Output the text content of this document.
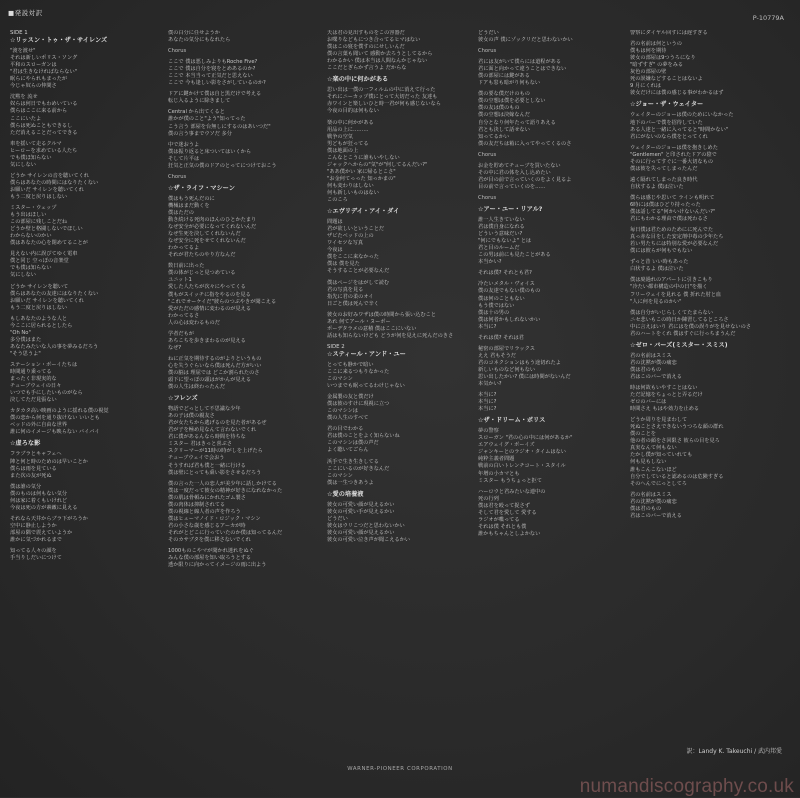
■発説対訳
P-10779A
SIDE 1
☆リッスン・トゥ・ザ・サイレンズ
"渡を渡せ"
それは新しいポリス・ソング
平和のスローガンは
"君は生きなければならない"
眠らにやられもまったが
今じゃ奴らの仲間さ
沈黙を 流せ
奴らは何日でもわめいている
僕らはここに来る前から
ここにいたよ
僕らは死ぬこともできるし
ただ消えることだってできる
車を揺いて走るクルマ
ヒーローを求めている人たち
でも僕ほ知らない
気にしない
どうか サイレンの音を聴いてくれ
僕らはあなたの時間にはなりたくない
お願いだ サイレンを聴いてくれ
もう二度と戻りはしない
ミスター・ウェップ
もう出はほしい
この部屋に残しことだね
どうか壁と格闘しないでほしい
わからないのかい
僕はあなたの心を閉めてることが
見えない内に誤びてゆく電車
僕と同じ 空っぽの音楽堂
でも僕は知らない
気にしない
どうか サイレンを聴いて
僕らはあなたの友達にはなりたくない
お願いだ サイレンを聴いてくれ
もう二度と戻りはしない
もしあなたのような人と
今ここに居られるとしたら
"Oh No"
多分僕はまた
あなたみたいな人の事を夢みるだろう
"そう思うよ"
ステーション・ボーイたちは
時間通り乗ってる
まったく非現実的な
チューブウェイの日々
いつでも手にしたいものがなら
決してただ見張ない
カタカタ高い映画のように揺れる僕の視覚
僕の恋から何を通り抜けない いいとも
ベッドの外に自由な世界
誰に何のイメージも映らない バイバイ
☆虚ろな影
フラブラとキャフェヘ
陣と何と時のためのは早いことか
僕らは雨を見ている
また次の友が死ぬ
僕は誰の気分
僕のものは何もない気分
何は家に着くもいけれど
今夜は死の方が素敵に見える
それなら天井からブラ下がろうか
空中に静止しようか
部屋の隅で震えていようか
誰かに気づかれるまで
知ってる人々の顔を
手当りしだいにつけて
僕の白分に任せようか
あなたの気分にもなれたら
Chorus
ここで 僕は悪しみよりもRoche Five?
ここで 僕は自分を寝をとめあるのか?
ここで 本当当って正気だと思えない
ここで 今も逢しい影をさがしているのか?
ドアに鍵かけて僕は自と黒だけで考える
転じ入るように除きまして
Central から出てくると
誰かが僕のこと"よう"知ってった
こう言う 部屋を台無しにするのはあいつだ"
僕の言う事までウソだ 多分
中で迷おうよ
僕は振り返ると床ついてはいくから
そして片平は
狂気と正気の僕のドアのとってにつけておこう
Chorus
☆ザ・ライフ・マシーン
僕はもう死んだのに
機械はまだ動くを
僕はただの
動き続ける死肉のほんのひとかたまり
なぜ安全が必要になってくれないんだ
なぜ生死を決してくれないんだ
なぜ安全に死をせてくれないんだ
わかってるよ
それが君たちのやり方なんだ
数日前に出った
僕の体がじっと見つめている
ユニット1
愛した人たちが次々にやってくる
僕もがスイッチに指をやるのを見る
"これでオーケイだ"彼らのつぶやきが聞こえる
愛がただの感情に変わるのが見える
わかってるさ
人の心は変わるものだ
学者だもが
あちこちを歩きまわるのが見える
なぜ?
ねに正気を期待するのがよりというもの
心を失うぐらいなら僕は死んだ方がいい
僕の脳は 理屈では どこか割られたのさ
頭下に望っぽの頭はがかんが見える
僕の人生は終わったんだ
☆フレンズ
物語でどっとして不思議な少年
あの子は僕の親友さ
君が女たちから逃げるのを見た者があるぜ
君が子を極め見なんて言わないでくれ
君に僕があるんなら時間を待ちな
ミスター 君はきっと喜ぶさ
スクリーマーが11時の時がしを上げたら
チューブウェイで会おう
そうすれば君も僕と一緒に行ける
僕は壁にとっても乗い影をさせるだろう
僕の言った一人の恋人が美少年に話しかけてる
僕は一度だって彼女の精神が好きになれなかった
僕の肌は骨頓みにかれたゴム製さ
僕の肉体は抑制されてる
僕の視線と線人者の声を作ろう
僕はヒューマノイド・ロジック・マシン
君の小さな歳を感じるアーカが時
それがとどこに行っていたのか僕は知ってるんだ
そのカサブタを僕に移さないでくれ
1000ものこやマが聞かれ迷れをぬぐ
みんな僕の部屋を知い取ろうとする
透か限りに向かってイメージの雨に出よう
天は君の見出すものをこの容器だ
お喋りなどもにつき合ってるヒマはない
僕はこの寝を僕すのにせしいんだ
僕の言葉も聞いて 感動か去ろうとしてるから
わかるかい 僕は本当は人間なんかじゃない
ここだとぎらかず言うよ だからな
☆楽の中に何かがある
思い出は一僕の一フィルムの中に消えて行った
それにニーカップ僕にとって大切だった 友達も
赤ワインと楽しいひと時一君が何も感じないなら
今夜の目的は何もない
楽の中に何かがある
用品の上に………
戦争の空気
男どもが狂ってる
僕は地面の上
こんなとこうに誰もいやしない
ジャックへからの"気"が"何してるんだい?"
"ああ僕かい 家に帰るとこさ"
"お金何てっった 知っかまの"
何も変わりはしない
何も新しいものはない
このころ
☆エヴリデイ・アイ・ダイ
問題は
君が欲しいということだ
ザビたベッドの上の
ワイセツな写真
今夜は
僕をここに来なかった
僕は 僕を見た
そうすることが必要なんだ
僕はページをはがして読む
君の写真を見る
指先に君の柔のオイ
日ごと僕は死んで辛く
彼女のお好みワザは僕の時間から張い込むこと
あれ 何てアール・ヌーボー
ポーデタラメの意積 僕はここにいない
話はも知らないけども どうが何を見えに死んだのきさ
SIDE 2
☆スティール・アンド・ユー
とっても静かで暗い
ここに来るつもりなかった
このマシン
いつまでも眠ってるわけじゃない
金属製の友と僕だけ
僕は彼のすけに現視に立つ
このマシンは
僕の人生のすべて
君の目でわかる
君は僕のことをよく知らないね
このマシンは僕の声だ
よく聴いてごらん
浜手で生き生きしてる
ここにいるのが好きなんだ
このマシン
僕は一生つきあうよ
☆愛の培養液
彼女の可愛い顔が見えるかい
彼女の可愛い手が見えるかい
どうだい
彼女はウリこつだと思わないかい
彼女の可愛い顔が見えるかい
彼女の可愛い泣き声が聞こえるかい
どうだい
彼女の声 僕にゾックリだと思わないかい
Chorus
君には友がいて僕らには道程がある
君に面と向かって違うことはできない
僕の部屋には鍵がある
ドアも窓も暗がり何もない
僕の要な僕だけのもの
僕の空想は僕を必要としない
僕の友は僕のもの
僕の空想は決嫁なんだ
自分となり何年たって語りあえる
君とも決して話せない
知ってるかい
僕の友だちは箱に入ってやってくるのさ
Chorus
お金を貯めてチューブを買いたない
その中に君の体を入し込めたい
君が目の前で言っていくのをよく見るよ
目の前で言っていくのを……
Chorus
☆アー・ユー・リアル?
誰一人生きていない
君は僕自身になれる
どういう意味だい?
"何にでもないよ" とは
君と目のルームだ
この男は前にも見たことがある
本当かい?
それは僕? それとも君?
冷たいメタル・ヴォイス
僕の友達でもない僕のもの
僕は何のこともない
もう僕ではない
僕は十の男の
僕は何者かもしれないかい
本当に?
それは僕? それは君
秘密の部屋でリラックス
ええ 君もそうだ
君のコネクションはもう途切れたよ
新しいものなど何もない
思い出したかい? 僕には時間がないんだ
本気かい?
本当に?
本当に?
本当に?
☆ザ・ドリーム・ポリス
夢の警察
スローガン "君の心の中には何があるか"
エアウェイグ・ボーイズ
ジャンキーとのラジオ・タイムはない
純粋主義者問題
戦前の白いトレンチコート・スタイル
年増の小カマとも
ミスター もうちょっと拒て
ハーロウと君みたいな連中の
死の行列
僕は君を殴って捉さず
そして君を愛して 愛する
ラジオが喋ってる
それは僕 それとも僕
誰かもちゃんとしよかない
警察にダイヤル回すには遅すぎる
君の名前は何というの
僕もは何を期待
彼女の部屋は9つうろになり
"暗ずすぎ" の夢をみる
灰色の部屋の壁
死の誤嫌などすることはないよ
9 月にくれは
彼女だけには僕の感じる事がわかるはず
☆ジョー・ザ・ウェイター
ウェイターのジョーは僕のためにいなかった
地下のバーで僕を招待していた
ある人達と一緒に入ってると"時間かない"
君にがないのなら僕をとってくれ
ウェイターのジョーは僕を抱きしめた
"Gentlemen" と印されたドアの陰で
そのに行ってすぐに一番大切なもの
僕は彼を失ってしまったんだ
遠く隔れてしまった良き時代
自状するよ 僕は泣いた
僕らは感じや思いて ラインも明れて
6時には僕はひどり持ったった
僕は話してる"何かいけないんだい?"
君にもわかる理由で僕は死わるさ
毎日僕は君ためのためにに死んでた
真っ赤な目をした安定剤中毒の少年たち
若い男たちには特別な愛が必要なんだ
僕には彼らが何もでもない
ずっと昔 いい時もあった
白状するよ 僕は泣いた
僕は廃過れのアパートに引きこもり
"冷たい都市構造の中の日"を描く
フリーウェイを見れる 僕 折れた肘と血
"人に何を見るのかい"
僕は自分がいじらしくてたまらない
ニセ悲いもこの時日か陳習してるところさ
中に言えはいり 君にはを僕の誤りがを見せないのさ
君のハートをくれ 僕はすぐに行っちまうんだ
☆ゼロ・バーズ(ミスター・スミス)
君の名前はスミス
君の沈黙が僕の痛恋
僕は君のもの
君はこのバーで消える
時は何故もいやすことはない
ただ記憶をちょっとと弄るだけ
ゼロのバーには
時間さえ もはや効力を止める
どうか周りを見まわして
死ぬことさえできないうつろな顔の群れ
僕のことを
他の者の顔をさ回限さ 彼らの目を見ろ
真実なんて何もない
たかし僕が知っていれても
何も見もしない
誰もこんこないほど
自分でしていると認めるのは危険すぎる
そのへんでにっとしてろ
君の名前はスミス
君の沈黙が僕の痛恋
僕は君のもの
君はこのバーで消える
訳：Landy K. Takeuchi / 武内邦愛
WARNER-PIONEER CORPORATION
numandiscography.co.uk
